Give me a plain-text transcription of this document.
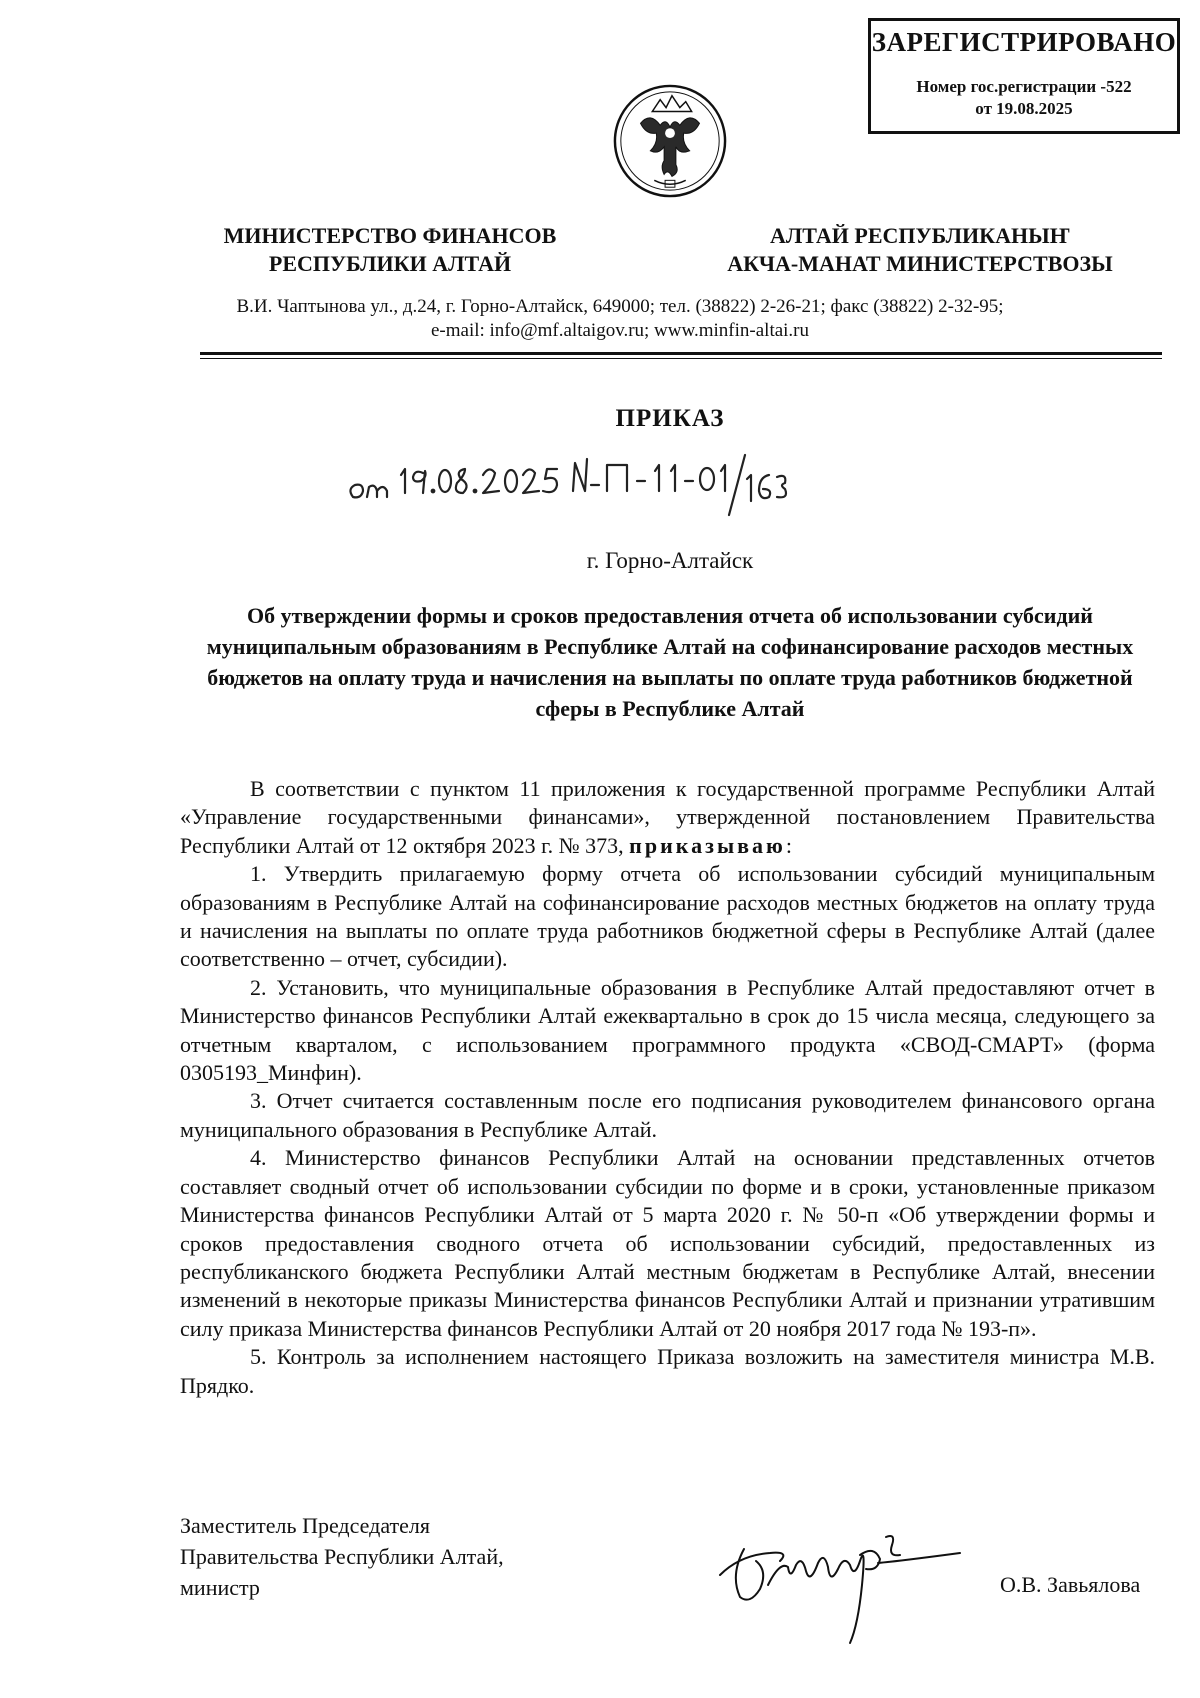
ЗАРЕГИСТРИРОВАНО
Номер гос.регистрации -522
от 19.08.2025
МИНИСТЕРСТВО ФИНАНСОВ
РЕСПУБЛИКИ АЛТАЙ
АЛТАЙ РЕСПУБЛИКАНЫҤ
АКЧА-МАНАТ МИНИСТЕРСТВОЗЫ
В.И. Чаптынова ул., д.24, г. Горно-Алтайск, 649000; тел. (38822) 2-26-21; факс (38822) 2-32-95;
e-mail: info@mf.altaigov.ru; www.minfin-altai.ru
ПРИКАЗ
г. Горно-Алтайск
Об утверждении формы и сроков предоставления отчета об использовании субсидий муниципальным образованиям в Республике Алтай на софинансирование расходов местных бюджетов на оплату труда и начисления на выплаты по оплате труда работников бюджетной сферы в Республике Алтай

В соответствии с пунктом 11 приложения к государственной программе Республики Алтай «Управление государственными финансами», утвержденной постановлением Правительства Республики Алтай от 12 октября 2023 г. № 373, приказываю:

1. Утвердить прилагаемую форму отчета об использовании субсидий муниципальным образованиям в Республике Алтай на софинансирование расходов местных бюджетов на оплату труда и начисления на выплаты по оплате труда работников бюджетной сферы в Республике Алтай (далее соответственно – отчет, субсидии).

2. Установить, что муниципальные образования в Республике Алтай предоставляют отчет в Министерство финансов Республики Алтай ежеквартально в срок до 15 числа месяца, следующего за отчетным кварталом, с использованием программного продукта «СВОД-СМАРТ» (форма 0305193_Минфин).

3. Отчет считается составленным после его подписания руководителем финансового органа муниципального образования в Республике Алтай.

4. Министерство финансов Республики Алтай на основании представленных отчетов составляет сводный отчет об использовании субсидии по форме и в сроки, установленные приказом Министерства финансов Республики Алтай от 5 марта 2020 г. № 50-п «Об утверждении формы и сроков предоставления сводного отчета об использовании субсидий, предоставленных из республиканского бюджета Республики Алтай местным бюджетам в Республике Алтай, внесении изменений в некоторые приказы Министерства финансов Республики Алтай и признании утратившим силу приказа Министерства финансов Республики Алтай от 20 ноября 2017 года № 193-п».

5. Контроль за исполнением настоящего Приказа возложить на заместителя министра М.В. Прядко.

Заместитель Председателя
Правительства Республики Алтай,
министр	О.В. Завьялова
